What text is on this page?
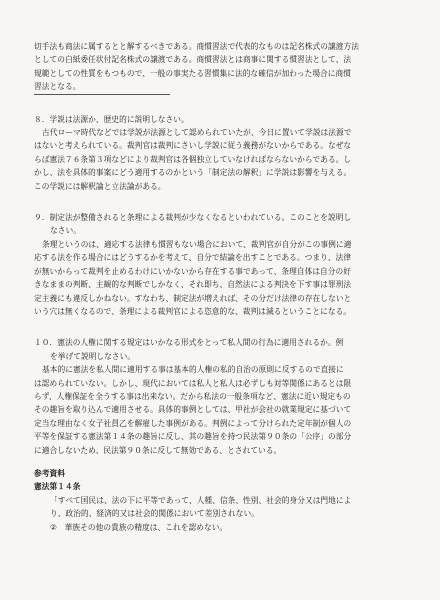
切手法も商法に属するとと解するべきである。商慣習法で代表的なものは記名株式の譲渡方法
としての白紙委任状付記名株式の譲渡である。商慣習法とは商事に関する慣習法として、法
規範としての性質をもつもので、一般の事実たる習慣集に法的な確信が加わった場合に商慣
習法となる。
８．学説は法源か、歴史的に説明しなさい。
古代ローマ時代などでは学説が法源として認められていたが、今日に置いて学説は法源で
はないと考えられている。裁判官は裁判にさいし学説に従う義務がないからである。なぜな
らば憲法７６条第３項などにより裁判官は各個独立していなければならないからである。し
かし、法を具体的事案にどう適用するのかという「制定法の解釈」に学説は影響を与える。
この学説には解釈論と立法論がある。
９．制定法が整備されると条理による裁判が少なくなるといわれている。このことを説明し
なさい。
条理というのは、適応する法律も慣習もない場合において、裁判官が自分がこの事例に適
応する法を作る場合にはどうするかを考えて、自分で結論を出すことである。つまり、法律
が無いからって裁判を止めるわけにいかないから存在する事であって、条理自体は自分の好
きなままの判断、主観的な判断でしかなく、それ即ち、自然法による判決を下す事は罪刑法
定主義にも違反しかねない。すなわち、制定法が増えれば、その分だけ法律の存在しないと
いう穴は無くなるので、条理による裁判官による恣意的な、裁判は減るということになる。
１０．憲法の人権に関する規定はいかなる形式をとって私人間の行為に適用されるか。例
を挙げて説明しなさい。
基本的に憲法を私人間に適用する事は基本的人権の私的自治の原則に反するので直接に
は認められていない。しかし、現代においては私人と私人は必ずしも対等関係にあるとは限
らず、人権保証を全うする事は出来ない。だから私法の一般条項など、憲法に近い規定もの
その趣旨を取り込んで適用させる。具体的事例としては、甲社が会社の就業規定に基づいて
定当な理由なく女子社員乙を解雇した事例がある。判例によって分けられた定年制が個人の
平等を保証する憲法第１４条の趣旨に反し、其の趣旨を持つ民法第９０条の「公序」の部分
に適合しないため、民法第９０条に反して無効である、とされている。
参考資料
憲法第１４条
「すべて国民は、法の下に平等であって、人種、信条、性別、社会的身分又は門地によ
り、政治的、経済的又は社会的関係において差別されない。
②　華族その他の貴族の精度は、これを認めない。
